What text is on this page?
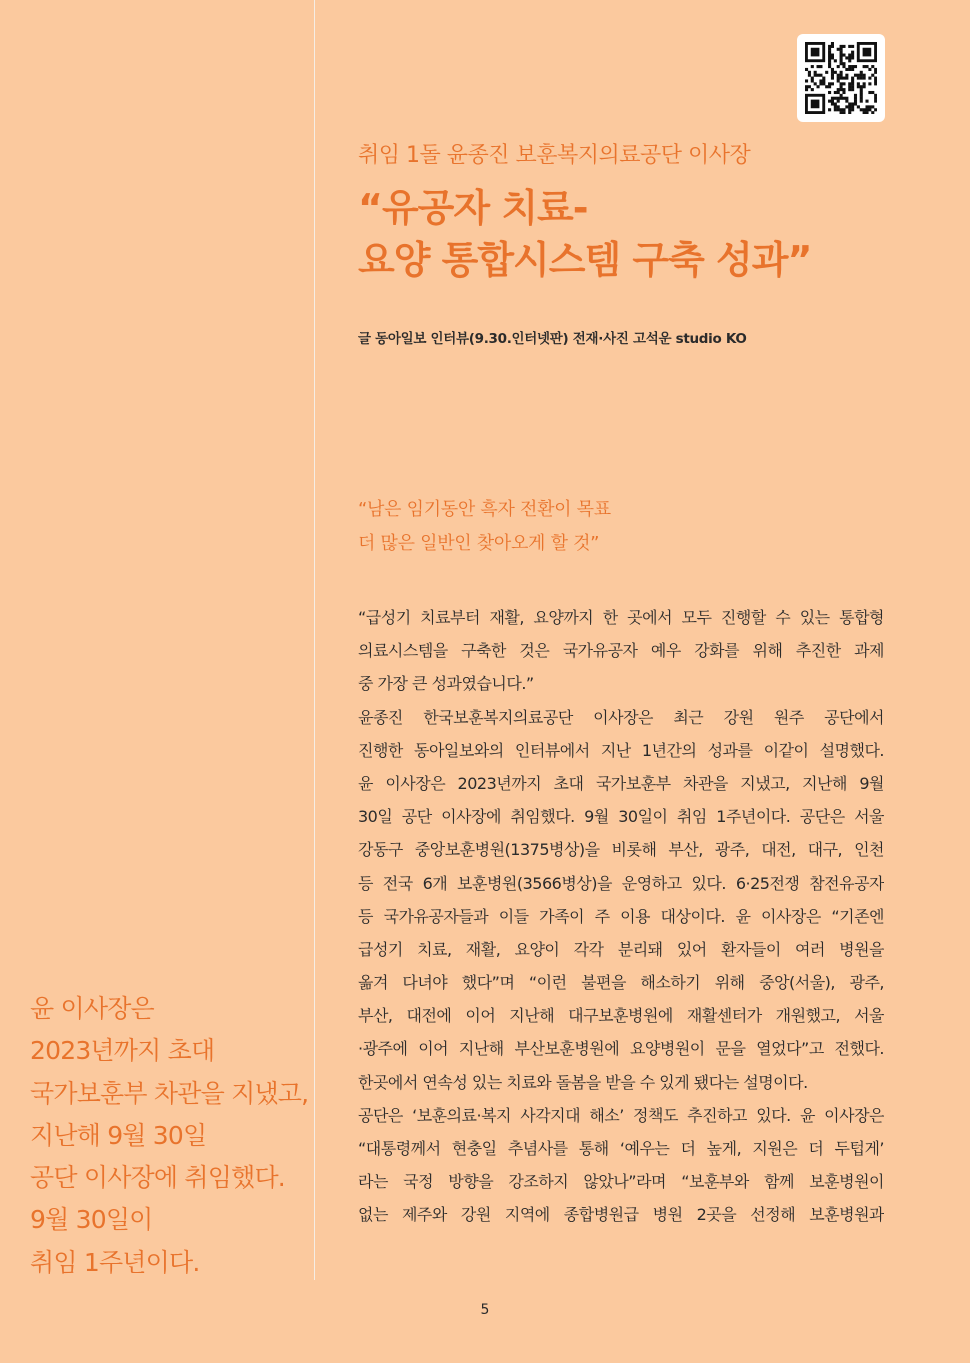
취임 1돌 윤종진 보훈복지의료공단 이사장
“유공자 치료-
요양 통합시스템 구축 성과”
글 동아일보 인터뷰(9.30.인터넷판) 전재·사진 고석운 studio KO
“남은 임기동안 흑자 전환이 목표
더 많은 일반인 찾아오게 할 것”
“급성기 치료부터 재활, 요양까지 한 곳에서 모두 진행할 수 있는 통합형
의료시스템을 구축한 것은 국가유공자 예우 강화를 위해 추진한 과제
중 가장 큰 성과였습니다.”
윤종진 한국보훈복지의료공단 이사장은 최근 강원 원주 공단에서
진행한 동아일보와의 인터뷰에서 지난 1년간의 성과를 이같이 설명했다.
윤 이사장은 2023년까지 초대 국가보훈부 차관을 지냈고, 지난해 9월
30일 공단 이사장에 취임했다. 9월 30일이 취임 1주년이다. 공단은 서울
강동구 중앙보훈병원(1375병상)을 비롯해 부산, 광주, 대전, 대구, 인천
등 전국 6개 보훈병원(3566병상)을 운영하고 있다. 6·25전쟁 참전유공자
등 국가유공자들과 이들 가족이 주 이용 대상이다. 윤 이사장은 “기존엔
급성기 치료, 재활, 요양이 각각 분리돼 있어 환자들이 여러 병원을
옮겨 다녀야 했다”며 “이런 불편을 해소하기 위해 중앙(서울), 광주,
부산, 대전에 이어 지난해 대구보훈병원에 재활센터가 개원했고, 서울
·광주에 이어 지난해 부산보훈병원에 요양병원이 문을 열었다”고 전했다.
한곳에서 연속성 있는 치료와 돌봄을 받을 수 있게 됐다는 설명이다.
공단은 ‘보훈의료·복지 사각지대 해소’ 정책도 추진하고 있다. 윤 이사장은
“대통령께서 현충일 추념사를 통해 ‘예우는 더 높게, 지원은 더 두텁게’
라는 국정 방향을 강조하지 않았나”라며 “보훈부와 함께 보훈병원이
없는 제주와 강원 지역에 종합병원급 병원 2곳을 선정해 보훈병원과
윤 이사장은
2023년까지 초대
국가보훈부 차관을 지냈고,
지난해 9월 30일
공단 이사장에 취임했다.
9월 30일이
취임 1주년이다.
5
